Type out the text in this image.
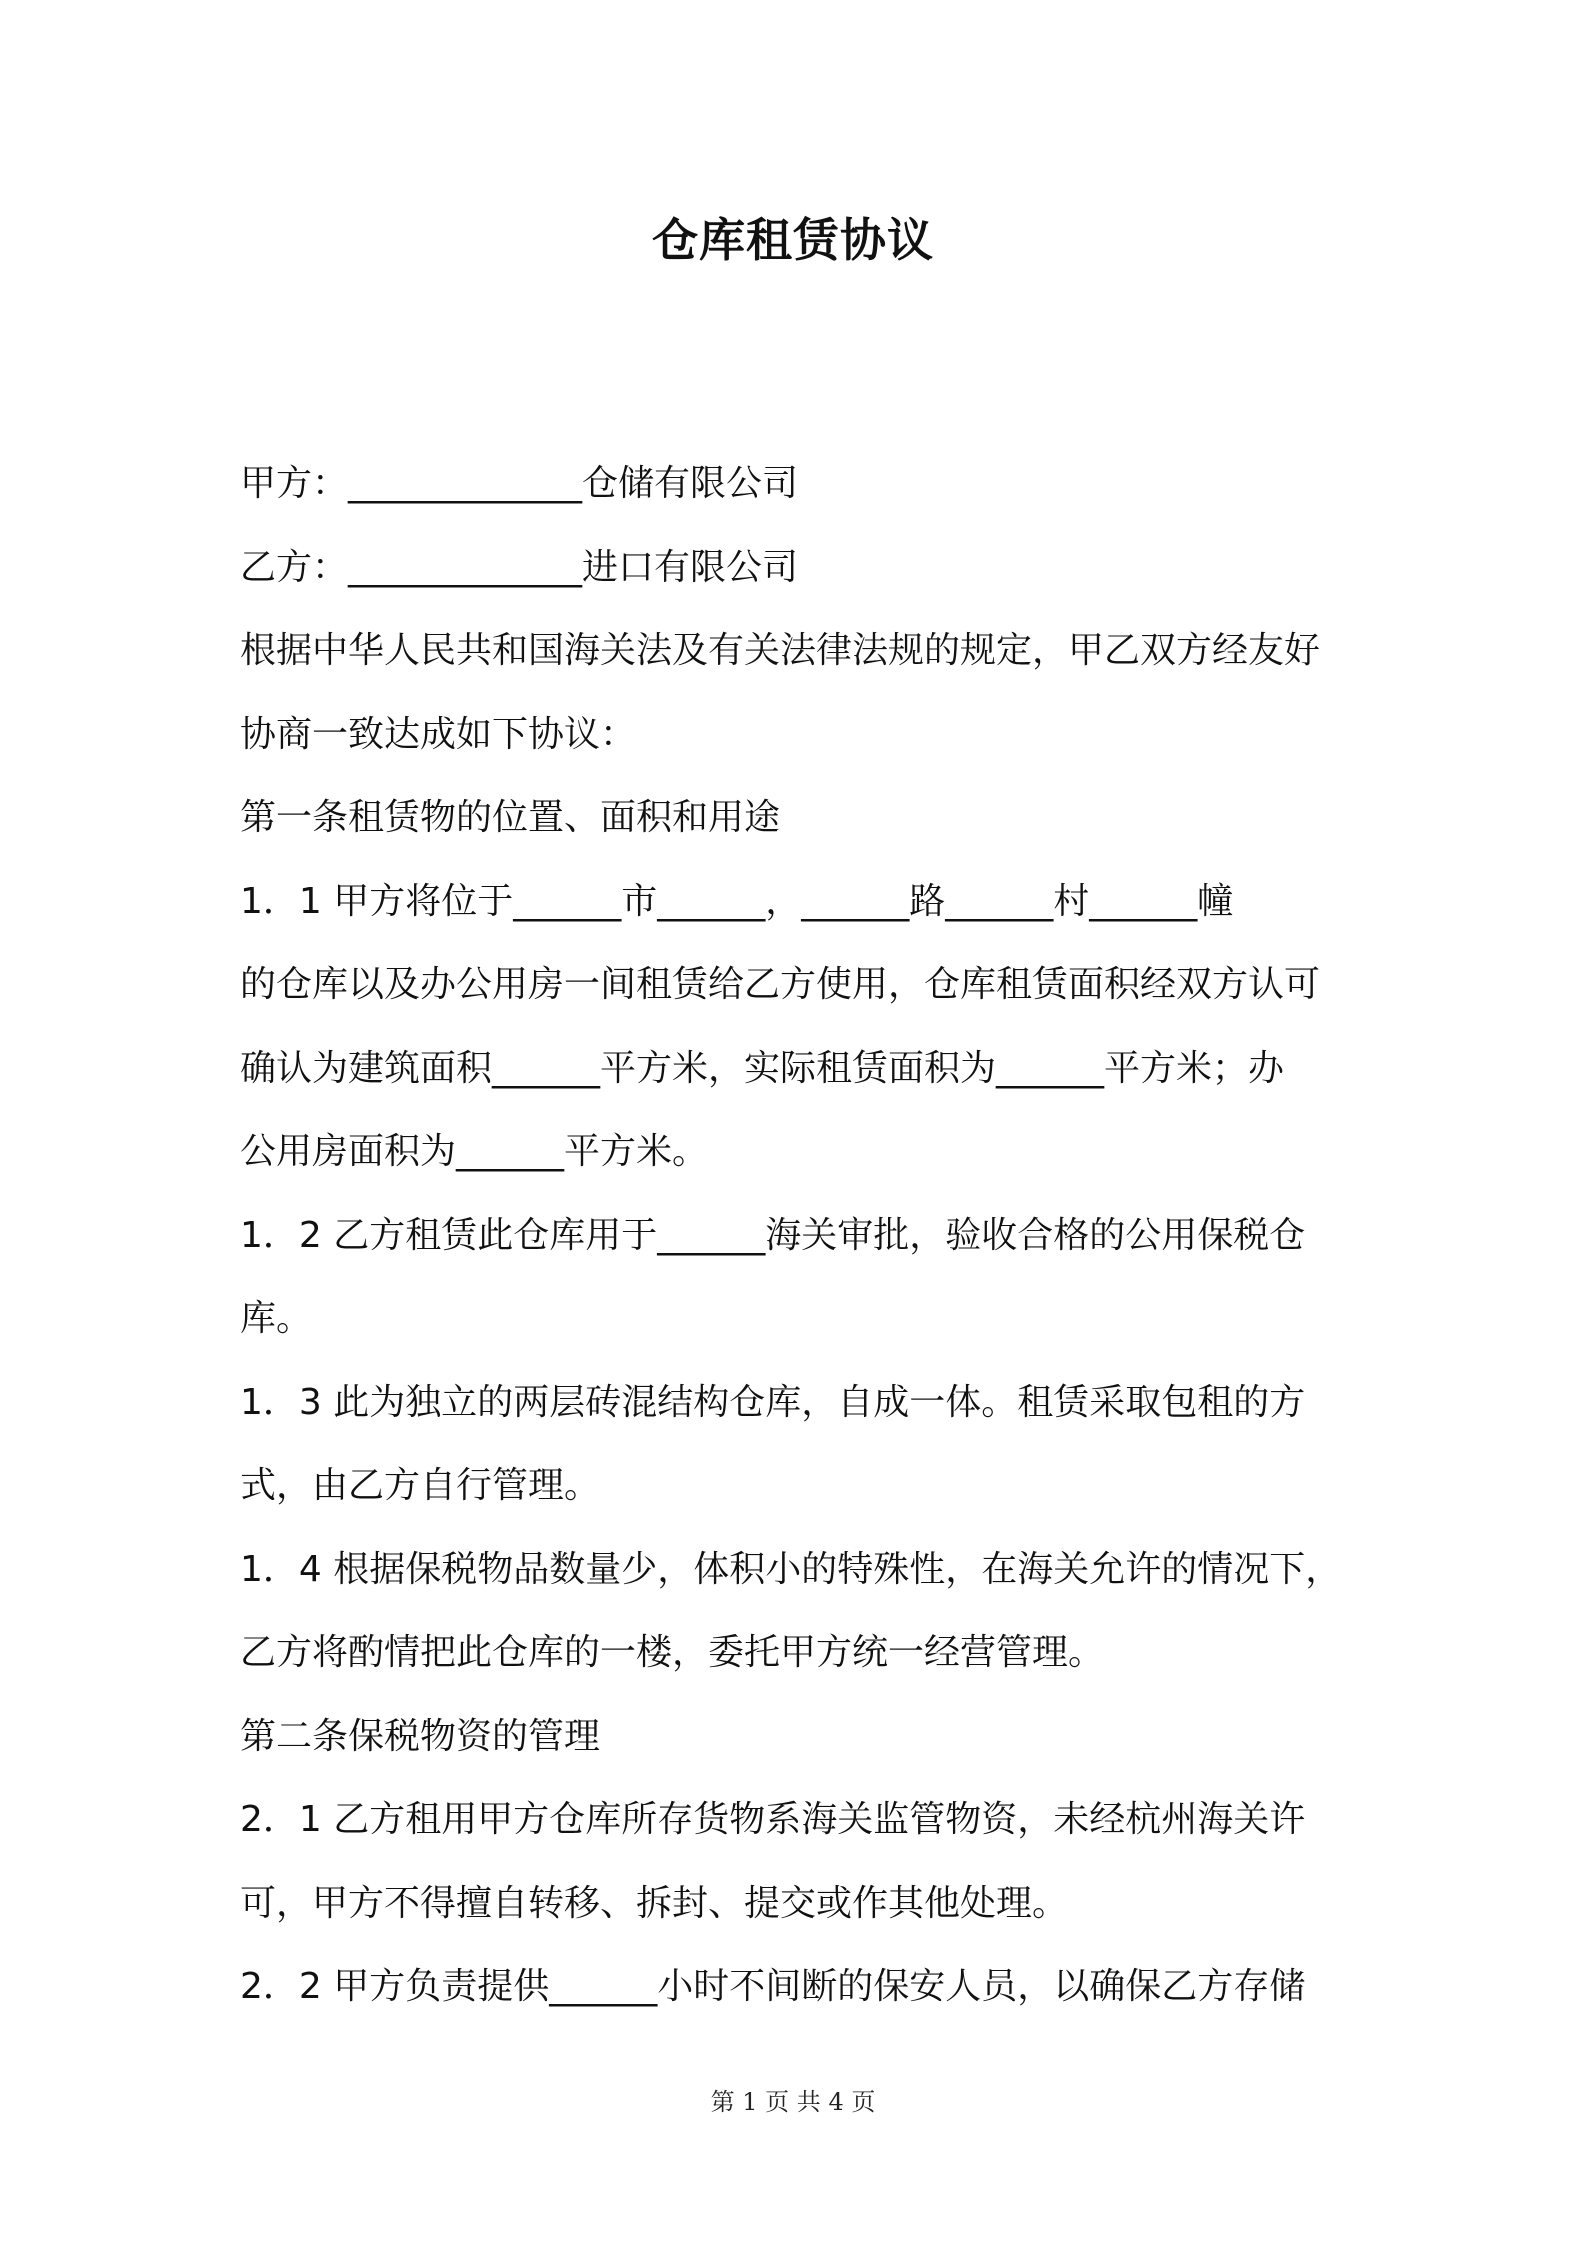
仓库租赁协议

甲方：_____________仓储有限公司

乙方：_____________进口有限公司

根据中华人民共和国海关法及有关法律法规的规定，甲乙双方经友好

协商一致达成如下协议：

第一条租赁物的位置、面积和用途

1．1 甲方将位于______市______，______路______村______幢

的仓库以及办公用房一间租赁给乙方使用，仓库租赁面积经双方认可

确认为建筑面积______平方米，实际租赁面积为______平方米；办

公用房面积为______平方米。

1．2 乙方租赁此仓库用于______海关审批，验收合格的公用保税仓

库。

1．3 此为独立的两层砖混结构仓库，自成一体。租赁采取包租的方

式，由乙方自行管理。

1．4 根据保税物品数量少，体积小的特殊性，在海关允许的情况下，

乙方将酌情把此仓库的一楼，委托甲方统一经营管理。

第二条保税物资的管理

2．1 乙方租用甲方仓库所存货物系海关监管物资，未经杭州海关许

可，甲方不得擅自转移、拆封、提交或作其他处理。

2．2 甲方负责提供______小时不间断的保安人员，以确保乙方存储

第 1 页 共 4 页
